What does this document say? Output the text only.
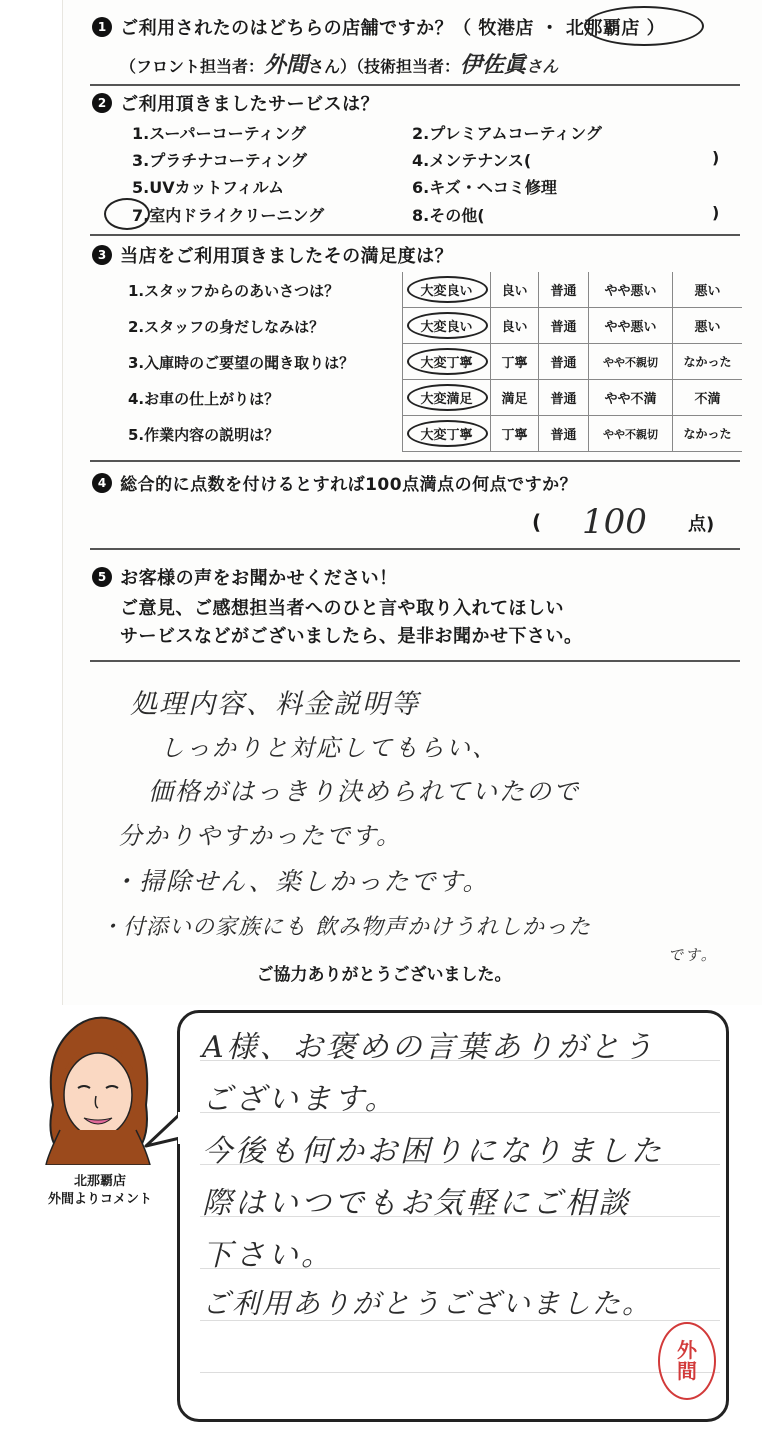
1 ご利用されたのはどちらの店舗ですか？（ 牧港店 ・ 北那覇店 ）
（フロント担当者：外間さん）（技術担当者：伊佐眞さん
2 ご利用頂きましたサービスは？
1.スーパーコーティング	2.プレミアムコーティング
3.プラチナコーティング	4.メンテナンス(	)
5.UVカットフィルム	6.キズ・ヘコミ修理
7.室内ドライクリーニング	8.その他(	)
3 当店をご利用頂きましたその満足度は？
1.スタッフからのあいさつは？	大変良い	良い	普通	やや悪い	悪い
2.スタッフの身だしなみは？	大変良い	良い	普通	やや悪い	悪い
3.入庫時のご要望の聞き取りは？	大変丁寧	丁寧	普通	やや不親切	なかった
4.お車の仕上がりは？	大変満足	満足	普通	やや不満	不満
5.作業内容の説明は？	大変丁寧	丁寧	普通	やや不親切	なかった
4 総合的に点数を付けるとすれば100点満点の何点ですか？
( 100 点)
5 お客様の声をお聞かせください！
ご意見、ご感想担当者へのひと言や取り入れてほしい
サービスなどがございましたら、是非お聞かせ下さい。
処理内容、料金説明等
しっかりと対応してもらい、
価格がはっきり決められていたので
分かりやすかったです。
・掃除せん、楽しかったです。
・付添いの家族にも 飲み物声かけうれしかった
です。
ご協力ありがとうございました。
北那覇店
外間よりコメント
A様、お褒めの言葉ありがとう
ございます。
今後も何かお困りになりました
際はいつでもお気軽にご相談
下さい。
ご利用ありがとうございました。
外
間
